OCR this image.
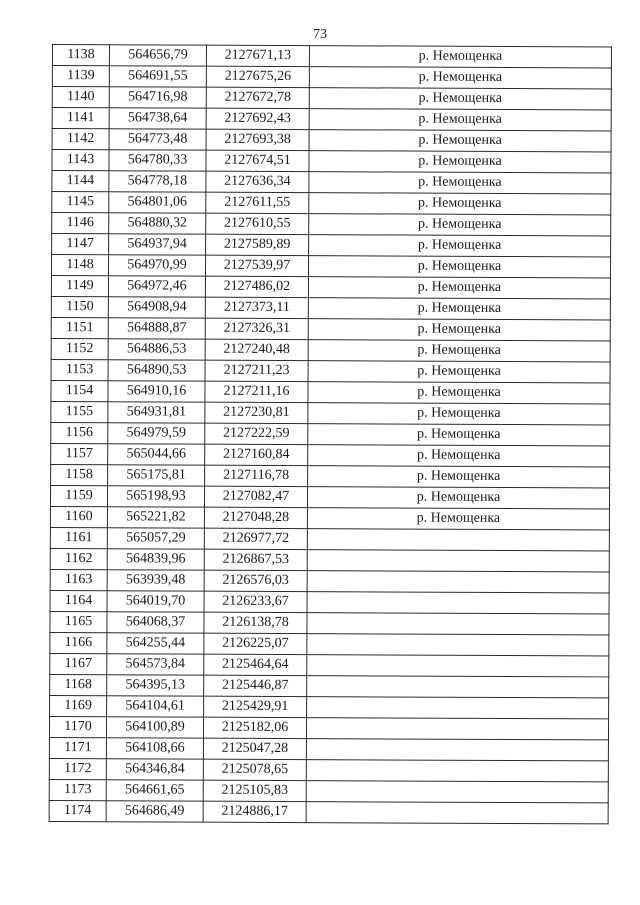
73
1138	564656,79	2127671,13	р. Немощенка
1139	564691,55	2127675,26	р. Немощенка
1140	564716,98	2127672,78	р. Немощенка
1141	564738,64	2127692,43	р. Немощенка
1142	564773,48	2127693,38	р. Немощенка
1143	564780,33	2127674,51	р. Немощенка
1144	564778,18	2127636,34	р. Немощенка
1145	564801,06	2127611,55	р. Немощенка
1146	564880,32	2127610,55	р. Немощенка
1147	564937,94	2127589,89	р. Немощенка
1148	564970,99	2127539,97	р. Немощенка
1149	564972,46	2127486,02	р. Немощенка
1150	564908,94	2127373,11	р. Немощенка
1151	564888,87	2127326,31	р. Немощенка
1152	564886,53	2127240,48	р. Немощенка
1153	564890,53	2127211,23	р. Немощенка
1154	564910,16	2127211,16	р. Немощенка
1155	564931,81	2127230,81	р. Немощенка
1156	564979,59	2127222,59	р. Немощенка
1157	565044,66	2127160,84	р. Немощенка
1158	565175,81	2127116,78	р. Немощенка
1159	565198,93	2127082,47	р. Немощенка
1160	565221,82	2127048,28	р. Немощенка
1161	565057,29	2126977,72	
1162	564839,96	2126867,53	
1163	563939,48	2126576,03	
1164	564019,70	2126233,67	
1165	564068,37	2126138,78	
1166	564255,44	2126225,07	
1167	564573,84	2125464,64	
1168	564395,13	2125446,87	
1169	564104,61	2125429,91	
1170	564100,89	2125182,06	
1171	564108,66	2125047,28	
1172	564346,84	2125078,65	
1173	564661,65	2125105,83	
1174	564686,49	2124886,17	
